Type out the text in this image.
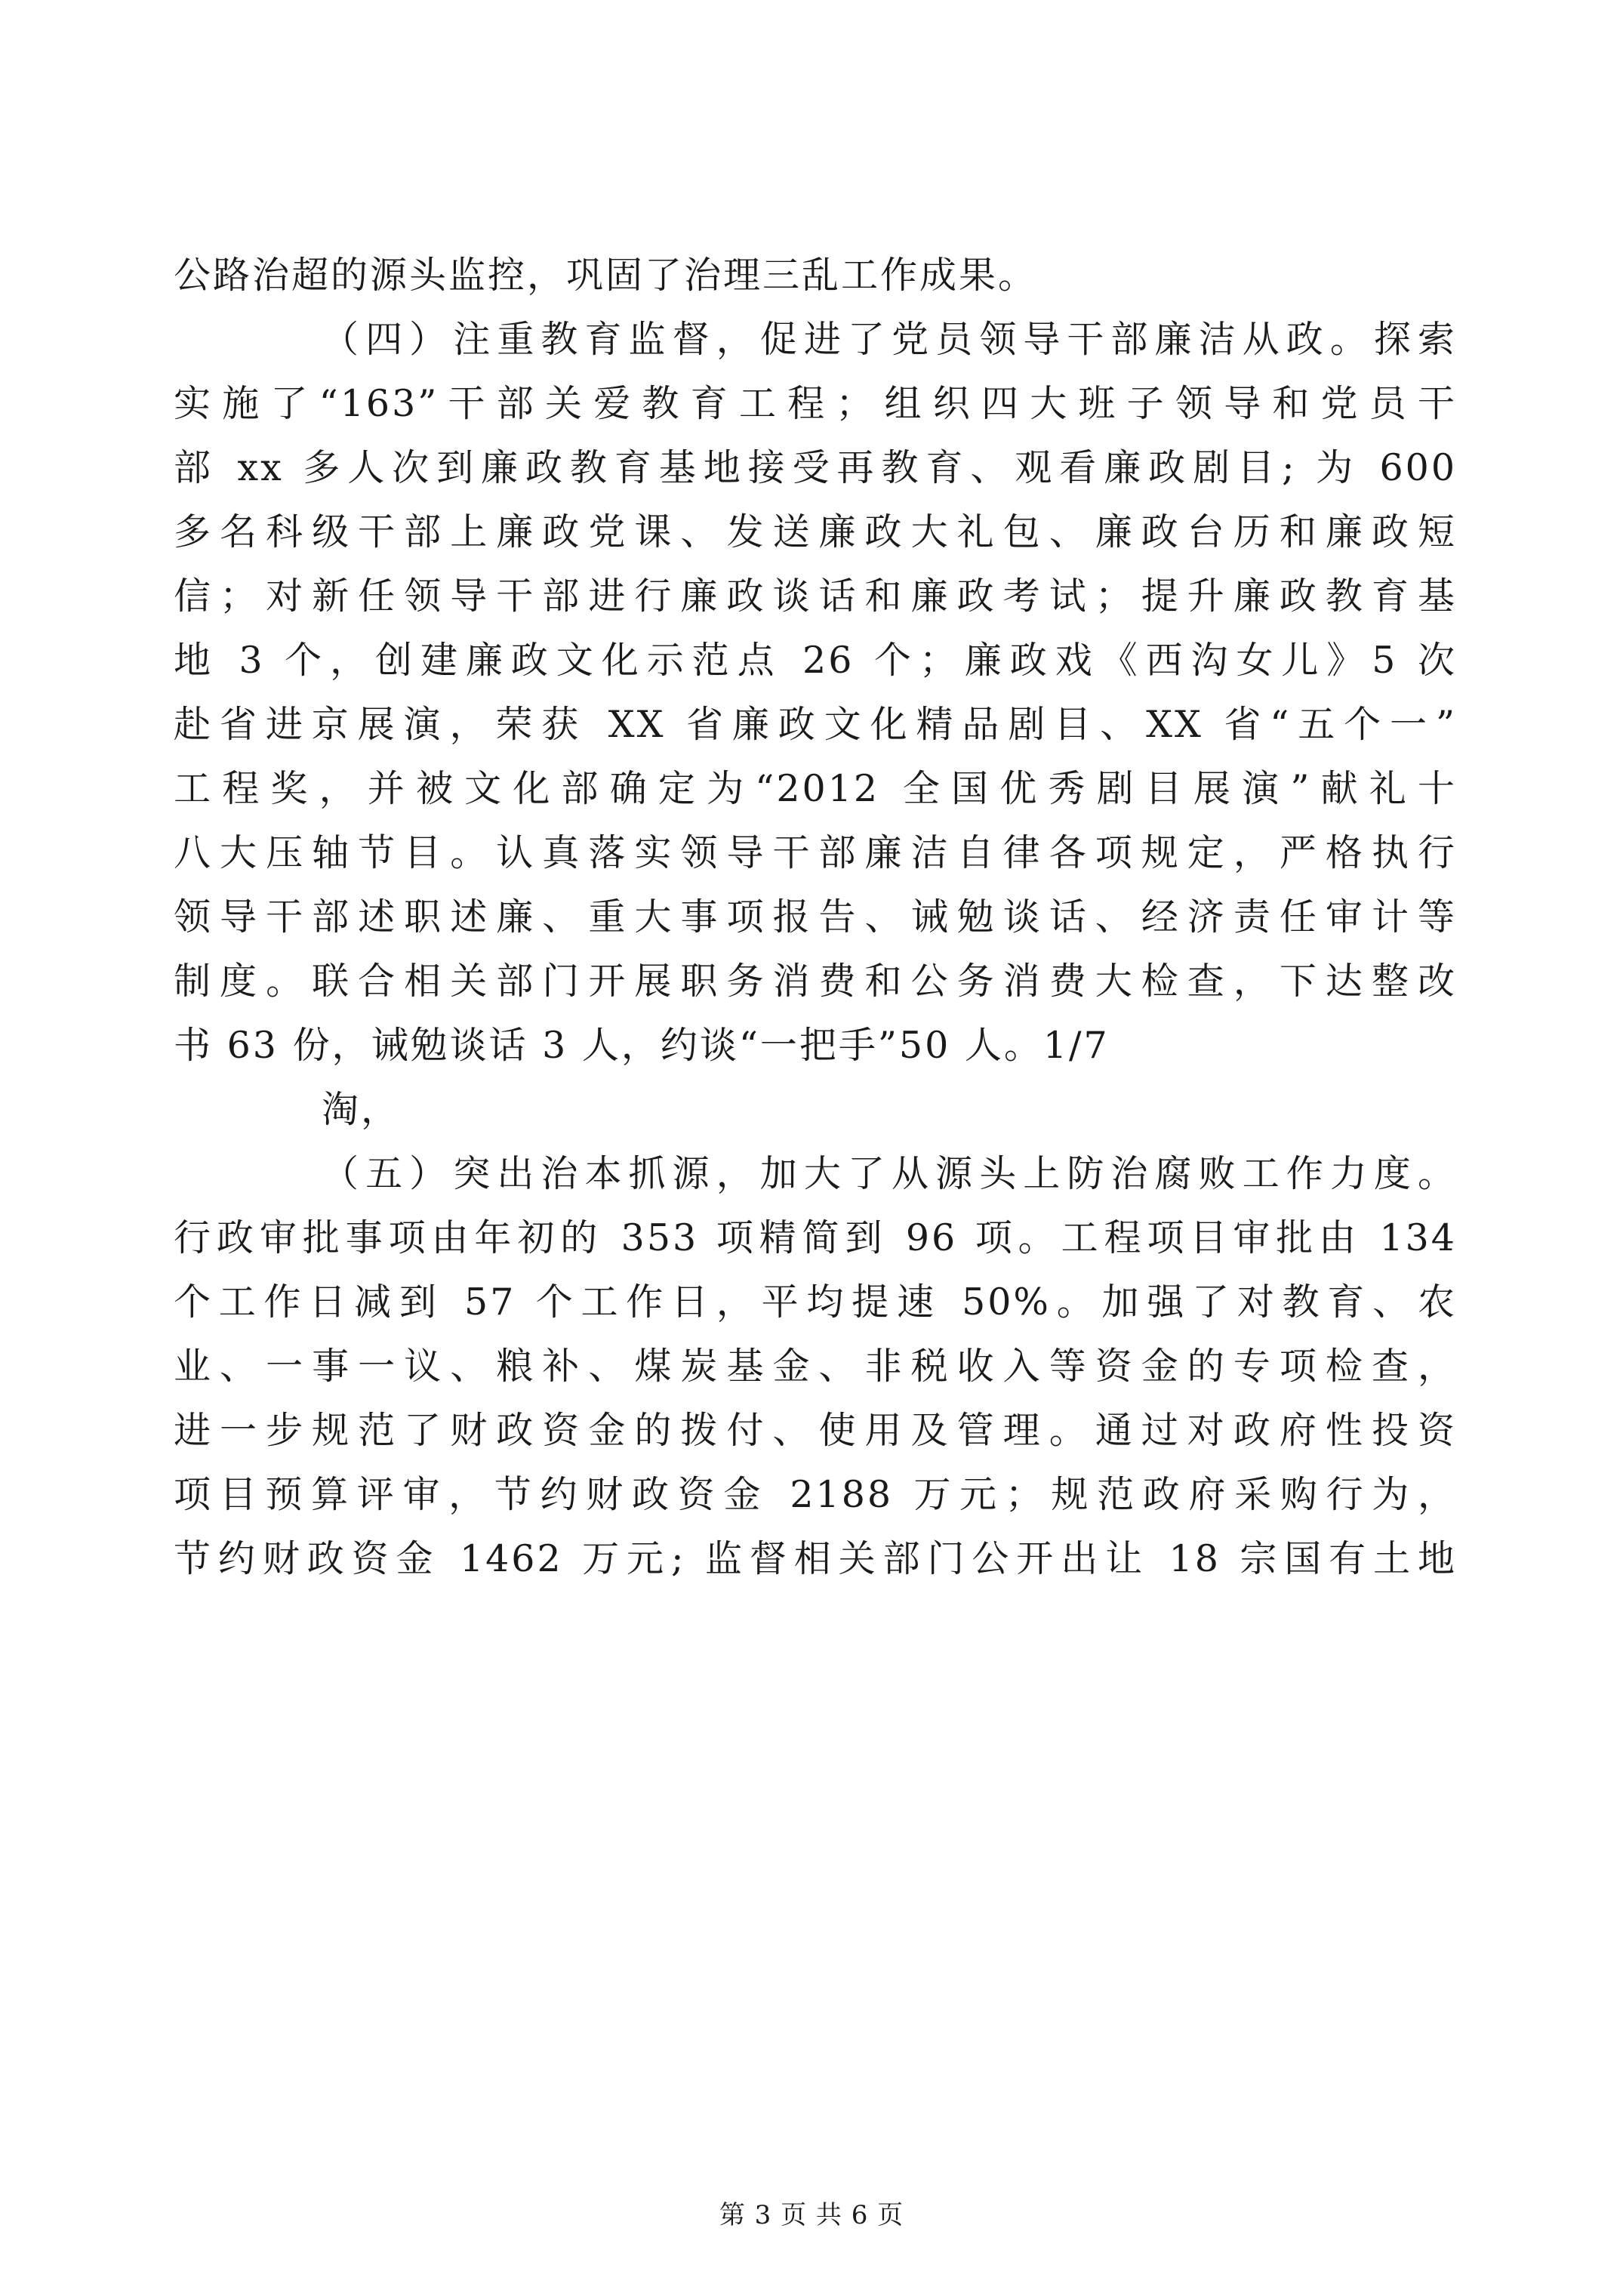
公路治超的源头监控，巩固了治理三乱工作成果。
（四）注重教育监督，促进了党员领导干部廉洁从政。探索
实施了“163”干部关爱教育工程；组织四大班子领导和党员干
部 xx 多人次到廉政教育基地接受再教育、观看廉政剧目; 为 600
多名科级干部上廉政党课、发送廉政大礼包、廉政台历和廉政短
信；对新任领导干部进行廉政谈话和廉政考试；提升廉政教育基
地 3 个，创建廉政文化示范点 26 个；廉政戏《西沟女儿》5 次
赴省进京展演，荣获 XX 省廉政文化精品剧目、XX 省“五个一”
工程奖，并被文化部确定为“2012 全国优秀剧目展演”献礼十
八大压轴节目。认真落实领导干部廉洁自律各项规定，严格执行
领导干部述职述廉、重大事项报告、诫勉谈话、经济责任审计等
制度。联合相关部门开展职务消费和公务消费大检查，下达整改
书 63 份，诫勉谈话 3 人，约谈“一把手”50 人。1/7
淘，
（五）突出治本抓源，加大了从源头上防治腐败工作力度。
行政审批事项由年初的 353 项精简到 96 项。工程项目审批由 134
个工作日减到 57 个工作日，平均提速 50%。加强了对教育、农
业、一事一议、粮补、煤炭基金、非税收入等资金的专项检查，
进一步规范了财政资金的拨付、使用及管理。通过对政府性投资
项目预算评审，节约财政资金 2188 万元；规范政府采购行为，
节约财政资金 1462 万元; 监督相关部门公开出让 18 宗国有土地
第 3 页 共 6 页
